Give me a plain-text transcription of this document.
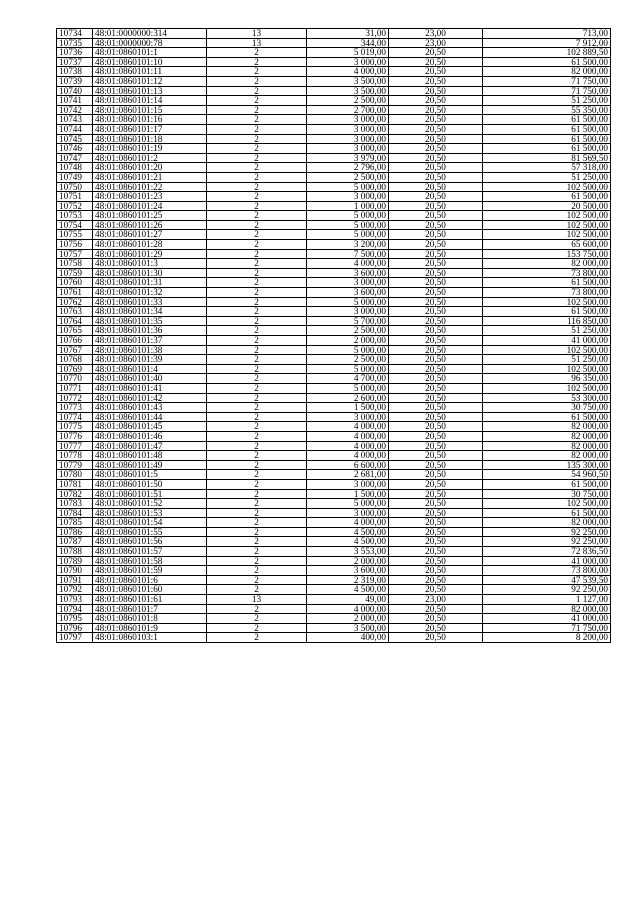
10734	48:01:0000000:314	13	31,00	23,00	713,00
10735	48:01:0000000:78	13	344,00	23,00	7 912,00
10736	48:01:0860101:1	2	5 019,00	20,50	102 889,50
10737	48:01:0860101:10	2	3 000,00	20,50	61 500,00
10738	48:01:0860101:11	2	4 000,00	20,50	82 000,00
10739	48:01:0860101:12	2	3 500,00	20,50	71 750,00
10740	48:01:0860101:13	2	3 500,00	20,50	71 750,00
10741	48:01:0860101:14	2	2 500,00	20,50	51 250,00
10742	48:01:0860101:15	2	2 700,00	20,50	55 350,00
10743	48:01:0860101:16	2	3 000,00	20,50	61 500,00
10744	48:01:0860101:17	2	3 000,00	20,50	61 500,00
10745	48:01:0860101:18	2	3 000,00	20,50	61 500,00
10746	48:01:0860101:19	2	3 000,00	20,50	61 500,00
10747	48:01:0860101:2	2	3 979,00	20,50	81 569,50
10748	48:01:0860101:20	2	2 796,00	20,50	57 318,00
10749	48:01:0860101:21	2	2 500,00	20,50	51 250,00
10750	48:01:0860101:22	2	5 000,00	20,50	102 500,00
10751	48:01:0860101:23	2	3 000,00	20,50	61 500,00
10752	48:01:0860101:24	2	1 000,00	20,50	20 500,00
10753	48:01:0860101:25	2	5 000,00	20,50	102 500,00
10754	48:01:0860101:26	2	5 000,00	20,50	102 500,00
10755	48:01:0860101:27	2	5 000,00	20,50	102 500,00
10756	48:01:0860101:28	2	3 200,00	20,50	65 600,00
10757	48:01:0860101:29	2	7 500,00	20,50	153 750,00
10758	48:01:0860101:3	2	4 000,00	20,50	82 000,00
10759	48:01:0860101:30	2	3 600,00	20,50	73 800,00
10760	48:01:0860101:31	2	3 000,00	20,50	61 500,00
10761	48:01:0860101:32	2	3 600,00	20,50	73 800,00
10762	48:01:0860101:33	2	5 000,00	20,50	102 500,00
10763	48:01:0860101:34	2	3 000,00	20,50	61 500,00
10764	48:01:0860101:35	2	5 700,00	20,50	116 850,00
10765	48:01:0860101:36	2	2 500,00	20,50	51 250,00
10766	48:01:0860101:37	2	2 000,00	20,50	41 000,00
10767	48:01:0860101:38	2	5 000,00	20,50	102 500,00
10768	48:01:0860101:39	2	2 500,00	20,50	51 250,00
10769	48:01:0860101:4	2	5 000,00	20,50	102 500,00
10770	48:01:0860101:40	2	4 700,00	20,50	96 350,00
10771	48:01:0860101:41	2	5 000,00	20,50	102 500,00
10772	48:01:0860101:42	2	2 600,00	20,50	53 300,00
10773	48:01:0860101:43	2	1 500,00	20,50	30 750,00
10774	48:01:0860101:44	2	3 000,00	20,50	61 500,00
10775	48:01:0860101:45	2	4 000,00	20,50	82 000,00
10776	48:01:0860101:46	2	4 000,00	20,50	82 000,00
10777	48:01:0860101:47	2	4 000,00	20,50	82 000,00
10778	48:01:0860101:48	2	4 000,00	20,50	82 000,00
10779	48:01:0860101:49	2	6 600,00	20,50	135 300,00
10780	48:01:0860101:5	2	2 681,00	20,50	54 960,50
10781	48:01:0860101:50	2	3 000,00	20,50	61 500,00
10782	48:01:0860101:51	2	1 500,00	20,50	30 750,00
10783	48:01:0860101:52	2	5 000,00	20,50	102 500,00
10784	48:01:0860101:53	2	3 000,00	20,50	61 500,00
10785	48:01:0860101:54	2	4 000,00	20,50	82 000,00
10786	48:01:0860101:55	2	4 500,00	20,50	92 250,00
10787	48:01:0860101:56	2	4 500,00	20,50	92 250,00
10788	48:01:0860101:57	2	3 553,00	20,50	72 836,50
10789	48:01:0860101:58	2	2 000,00	20,50	41 000,00
10790	48:01:0860101:59	2	3 600,00	20,50	73 800,00
10791	48:01:0860101:6	2	2 319,00	20,50	47 539,50
10792	48:01:0860101:60	2	4 500,00	20,50	92 250,00
10793	48:01:0860101:61	13	49,00	23,00	1 127,00
10794	48:01:0860101:7	2	4 000,00	20,50	82 000,00
10795	48:01:0860101:8	2	2 000,00	20,50	41 000,00
10796	48:01:0860101:9	2	3 500,00	20,50	71 750,00
10797	48:01:0860103:1	2	400,00	20,50	8 200,00
